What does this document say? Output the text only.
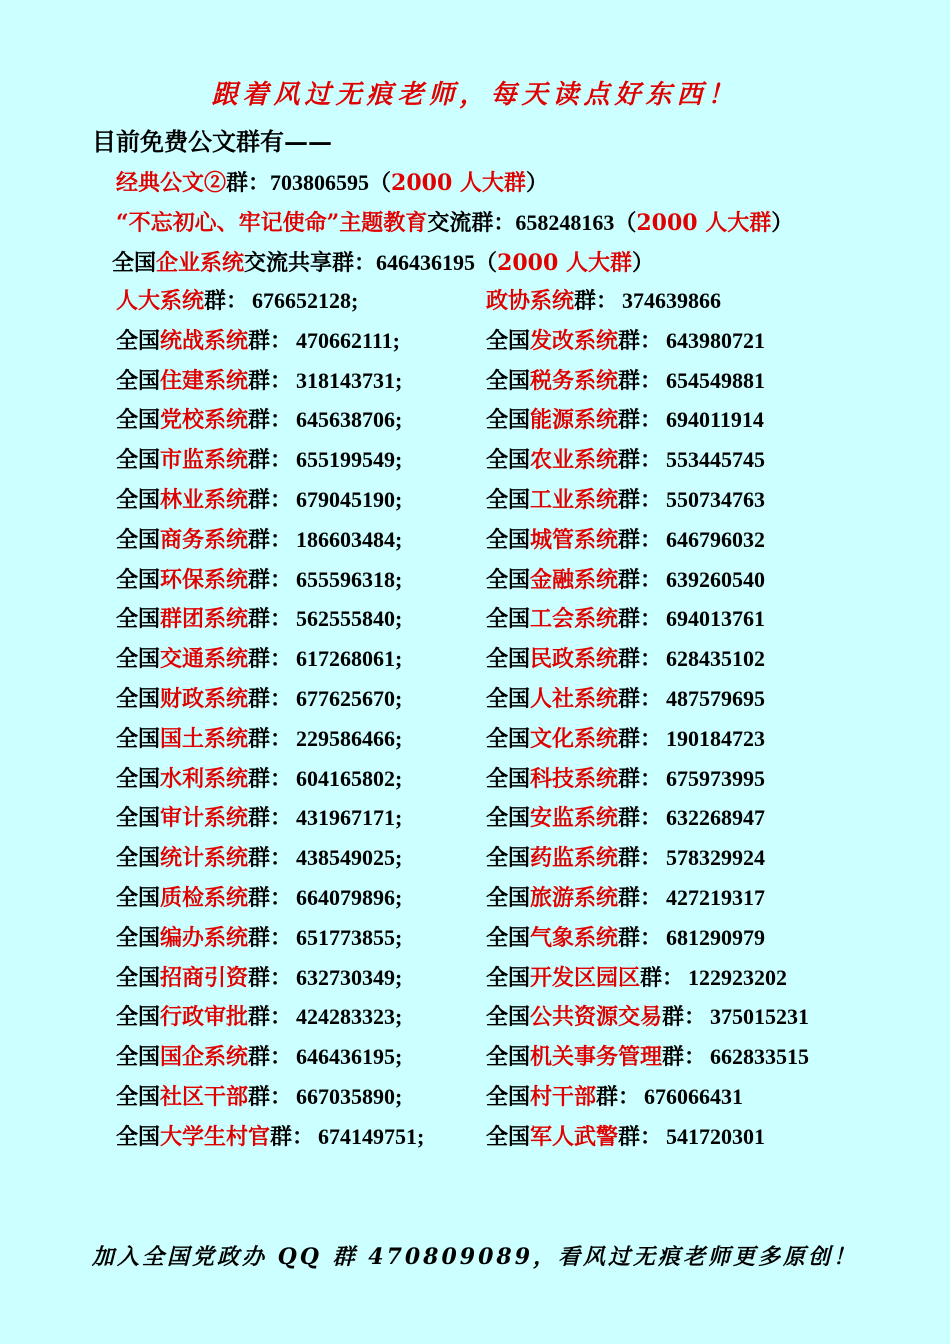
跟着风过无痕老师，每天读点好东西！
目前免费公文群有——
经典公文②群：703806595（2000 人大群）
“不忘初心、牢记使命”主题教育交流群：658248163（2000 人大群）
全国企业系统交流共享群：646436195（2000 人大群）
人大系统群： 676652128;	政协系统群： 374639866
全国统战系统群： 470662111;	全国发改系统群： 643980721
全国住建系统群： 318143731;	全国税务系统群： 654549881
全国党校系统群： 645638706;	全国能源系统群： 694011914
全国市监系统群： 655199549;	全国农业系统群： 553445745
全国林业系统群： 679045190;	全国工业系统群： 550734763
全国商务系统群： 186603484;	全国城管系统群： 646796032
全国环保系统群： 655596318;	全国金融系统群： 639260540
全国群团系统群： 562555840;	全国工会系统群： 694013761
全国交通系统群： 617268061;	全国民政系统群： 628435102
全国财政系统群： 677625670;	全国人社系统群： 487579695
全国国土系统群： 229586466;	全国文化系统群： 190184723
全国水利系统群： 604165802;	全国科技系统群： 675973995
全国审计系统群： 431967171;	全国安监系统群： 632268947
全国统计系统群： 438549025;	全国药监系统群： 578329924
全国质检系统群： 664079896;	全国旅游系统群： 427219317
全国编办系统群： 651773855;	全国气象系统群： 681290979
全国招商引资群： 632730349;	全国开发区园区群： 122923202
全国行政审批群： 424283323;	全国公共资源交易群： 375015231
全国国企系统群： 646436195;	全国机关事务管理群： 662833515
全国社区干部群： 667035890;	全国村干部群： 676066431
全国大学生村官群： 674149751;	全国军人武警群： 541720301
加入全国党政办 QQ 群 470809089，看风过无痕老师更多原创！
